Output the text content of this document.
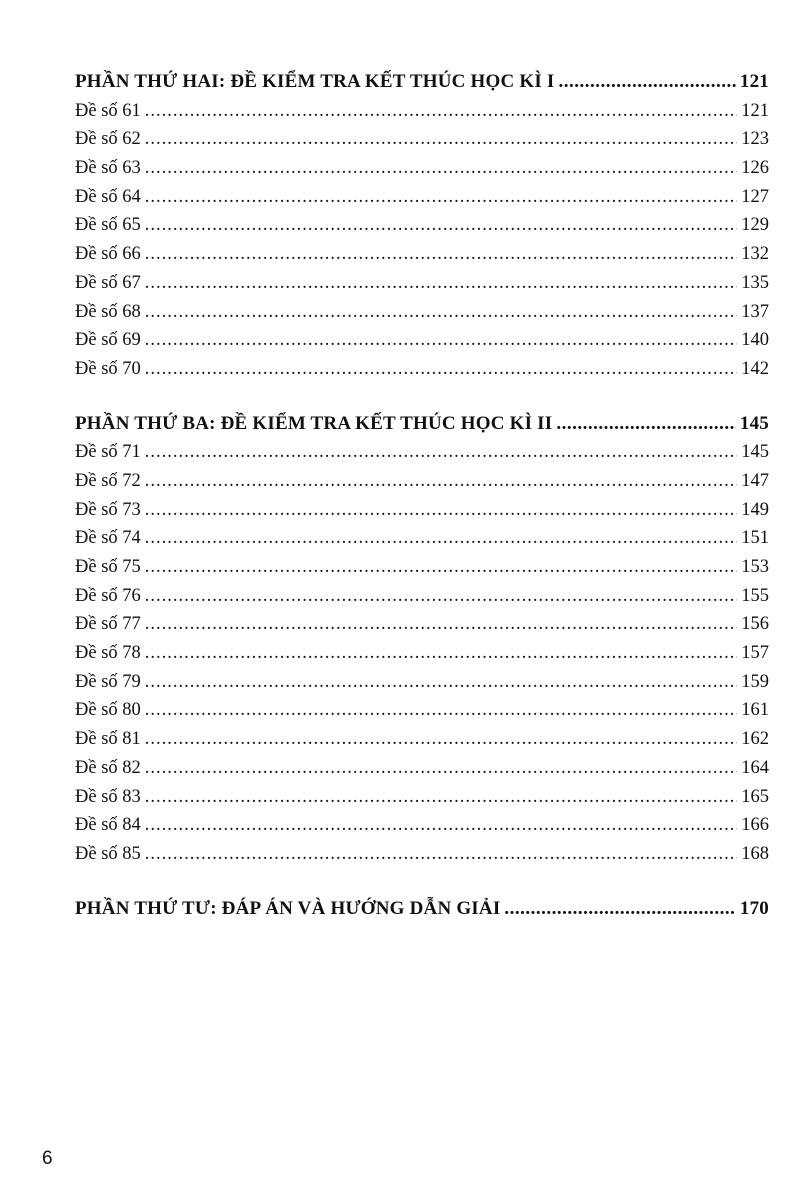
PHẦN THỨ HAI: ĐỀ KIỂM TRA KẾT THÚC HỌC KÌ I .....	121
Đề số 61 .....	121
Đề số 62 .....	123
Đề số 63 .....	126
Đề số 64 .....	127
Đề số 65 .....	129
Đề số 66 .....	132
Đề số 67 .....	135
Đề số 68 .....	137
Đề số 69 .....	140
Đề số 70 .....	142
PHẦN THỨ BA: ĐỀ KIỂM TRA KẾT THÚC HỌC KÌ II .....	145
Đề số 71 .....	145
Đề số 72 .....	147
Đề số 73 .....	149
Đề số 74 .....	151
Đề số 75 .....	153
Đề số 76 .....	155
Đề số 77 .....	156
Đề số 78 .....	157
Đề số 79 .....	159
Đề số 80 .....	161
Đề số 81 .....	162
Đề số 82 .....	164
Đề số 83 .....	165
Đề số 84 .....	166
Đề số 85 .....	168
PHẦN THỨ TƯ: ĐÁP ÁN VÀ HƯỚNG DẪN GIẢI .....	170
6
